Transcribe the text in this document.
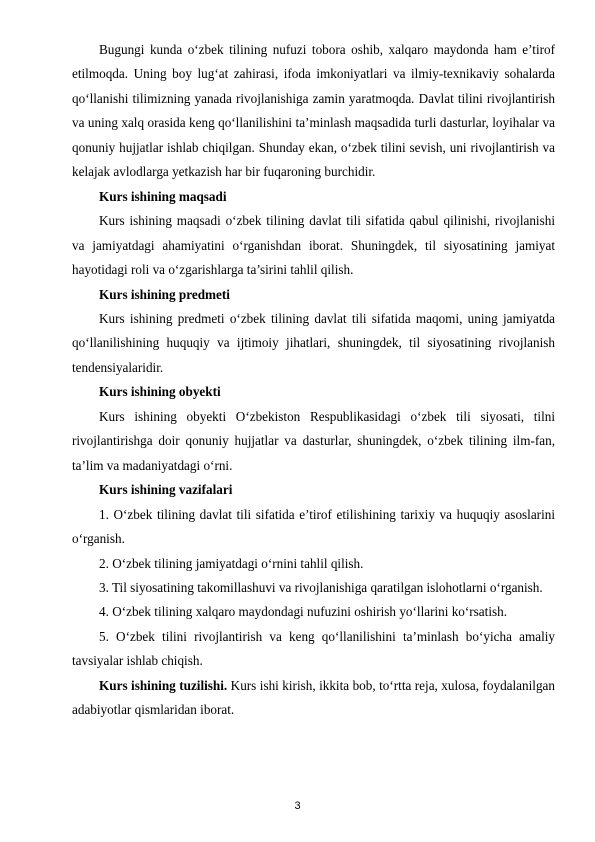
Bugungi kunda o‘zbek tilining nufuzi tobora oshib, xalqaro maydonda ham e’tirof etilmoqda. Uning boy lug‘at zahirasi, ifoda imkoniyatlari va ilmiy-texnikaviy sohalarda qo‘llanishi tilimizning yanada rivojlanishiga zamin yaratmoqda. Davlat tilini rivojlantirish va uning xalq orasida keng qo‘llanilishini ta’minlash maqsadida turli dasturlar, loyihalar va qonuniy hujjatlar ishlab chiqilgan. Shunday ekan, o‘zbek tilini sevish, uni rivojlantirish va kelajak avlodlarga yetkazish har bir fuqaroning burchidir.

Kurs ishining maqsadi

Kurs ishining maqsadi o‘zbek tilining davlat tili sifatida qabul qilinishi, rivojlanishi va jamiyatdagi ahamiyatini o‘rganishdan iborat. Shuningdek, til siyosatining jamiyat hayotidagi roli va o‘zgarishlarga ta’sirini tahlil qilish.

Kurs ishining predmeti

Kurs ishining predmeti o‘zbek tilining davlat tili sifatida maqomi, uning jamiyatda qo‘llanilishining huquqiy va ijtimoiy jihatlari, shuningdek, til siyosatining rivojlanish tendensiyalaridir.

Kurs ishining obyekti

Kurs ishining obyekti O‘zbekiston Respublikasidagi o‘zbek tili siyosati, tilni rivojlantirishga doir qonuniy hujjatlar va dasturlar, shuningdek, o‘zbek tilining ilm-fan, ta’lim va madaniyatdagi o‘rni.

Kurs ishining vazifalari

1. O‘zbek tilining davlat tili sifatida e’tirof etilishining tarixiy va huquqiy asoslarini o‘rganish.

2. O‘zbek tilining jamiyatdagi o‘rnini tahlil qilish.

3. Til siyosatining takomillashuvi va rivojlanishiga qaratilgan islohotlarni o‘rganish.

4. O‘zbek tilining xalqaro maydondagi nufuzini oshirish yo‘llarini ko‘rsatish.

5. O‘zbek tilini rivojlantirish va keng qo‘llanilishini ta’minlash bo‘yicha amaliy tavsiyalar ishlab chiqish.

Kurs ishining tuzilishi. Kurs ishi kirish, ikkita bob, to‘rtta reja, xulosa, foydalanilgan adabiyotlar qismlaridan iborat.

3
